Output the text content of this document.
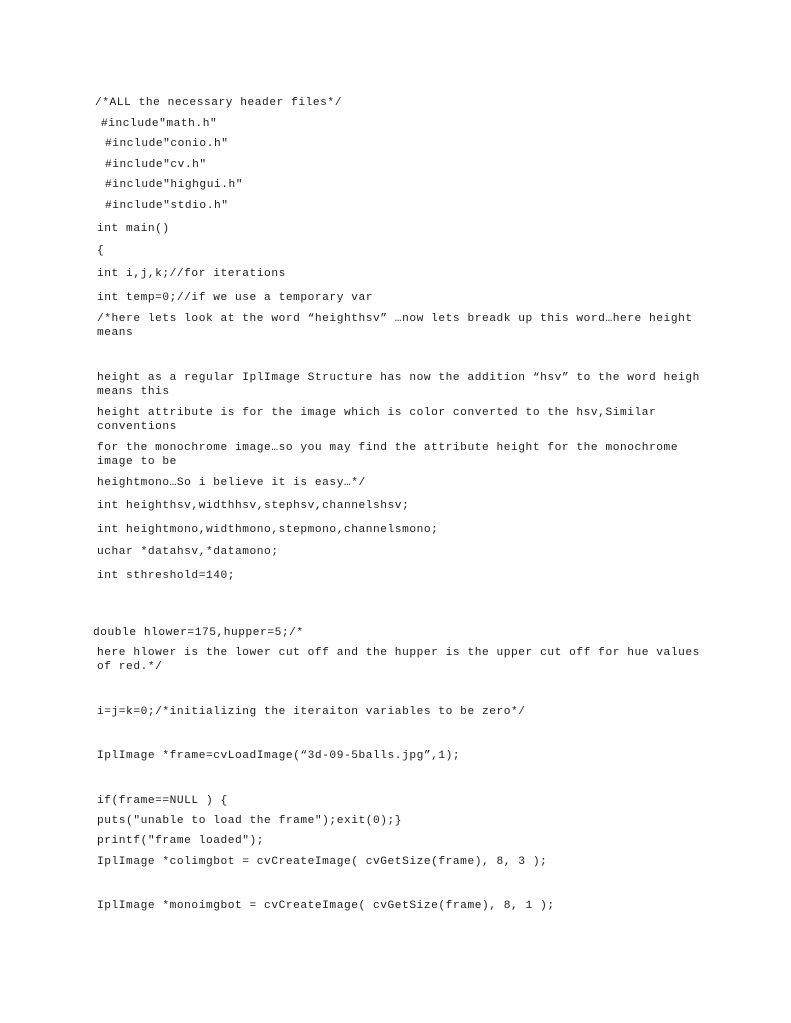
/*ALL the necessary header files*/
#include"math.h"
#include"conio.h"
#include"cv.h"
#include"highgui.h"
#include"stdio.h"
int main()
{
int i,j,k;//for iterations
int temp=0;//if we use a temporary var
/*here lets look at the word “heighthsv” …now lets breadk up this word…here height means
height as a regular IplImage Structure has now the addition “hsv” to the word heigh means this
height attribute is for the image which is color converted to the hsv,Similar conventions
for the monochrome image…so you may find the attribute height for the monochrome image to be
heightmono…So i believe it is easy…*/
int heighthsv,widthhsv,stephsv,channelshsv;
int heightmono,widthmono,stepmono,channelsmono;
uchar *datahsv,*datamono;
int sthreshold=140;
double hlower=175,hupper=5;/*
here hlower is the lower cut off and the hupper is the upper cut off for hue values of red.*/
i=j=k=0;/*initializing the iteraiton variables to be zero*/
IplImage *frame=cvLoadImage(“3d-09-5balls.jpg”,1);
if(frame==NULL ) {
puts("unable to load the frame");exit(0);}
printf("frame loaded");
IplImage *colimgbot = cvCreateImage( cvGetSize(frame), 8, 3 );
IplImage *monoimgbot = cvCreateImage( cvGetSize(frame), 8, 1 );
